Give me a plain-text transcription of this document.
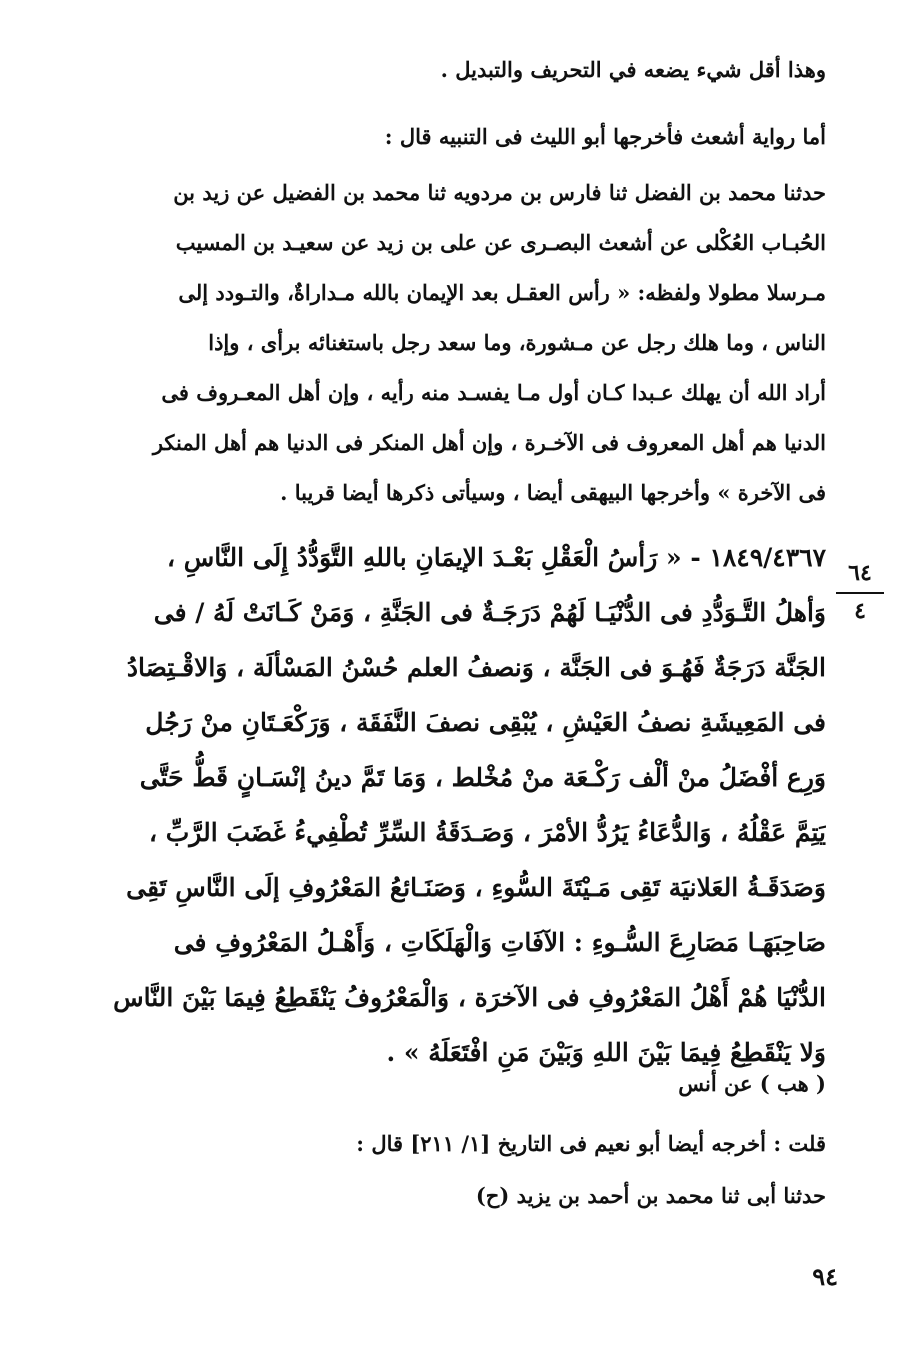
وهذا أقل شيء يضعه في التحريف والتبديل .
أما رواية أشعث فأخرجها أبو الليث فى التنبيه قال :
حدثنا محمد بن الفضل ثنا فارس بن مردويه ثنا محمد بن الفضيل عن زيد بن
الحُبـاب العُكْلى عن أشعث البصـرى عن على بن زيد عن سعيـد بن المسيب
مـرسلا مطولا ولفظه: « رأس العقـل بعد الإيمان بالله مـداراةٌ، والتـودد إلى
الناس ، وما هلك رجل عن مـشورة، وما سعد رجل باستغنائه برأى ، وإذا
أراد الله أن يهلك عـبدا كـان أول مـا يفسـد منه رأيه ، وإن أهل المعـروف فى
الدنيا هم أهل المعروف فى الآخـرة ، وإن أهل المنكر فى الدنيا هم أهل المنكر
فى الآخرة » وأخرجها البيهقى أيضا ، وسيأتى ذكرها أيضا قريبا .
١٨٤٩/٤٣٦٧ - « رَأسُ الْعَقْلِ بَعْـدَ الإيمَانِ باللهِ التَّوَدُّدُ إِلَى النَّاسِ ،
وَأهلُ التَّـوَدُّدِ فى الدُّنْيَـا لَهُمْ دَرَجَـةٌ فى الجَنَّةِ ، وَمَنْ كَـانَتْ لَهُ / فى
الجَنَّة دَرَجَةٌ فَهُـوَ فى الجَنَّة ، وَنصفُ العلم حُسْنُ المَسْألَة ، وَالاقْـتِصَادُ
فى المَعِيشَةِ نصفُ العَيْشِ ، يُبْقِى نصفَ النَّفَقَة ، وَرَكْعَـتَانِ منْ رَجُل
وَرِع أفْضَلُ منْ ألْف رَكْـعَة منْ مُخْلط ، وَمَا تَمَّ دينُ إنْسَـانٍ قَطُّ حَتَّى
يَتِمَّ عَقْلُهُ ، وَالدُّعَاءُ يَرُدُّ الأمْرَ ، وَصَـدَقَةُ السِّرِّ تُطْفِيءُ غَضَبَ الرَّبِّ ،
وَصَدَقَـةُ العَلانيَة تَقِى مَـيْتَةَ السُّوءِ ، وَصَنَـائعُ المَعْرُوفِ إلَى النَّاسِ تَقِى
صَاحِبَهَـا مَصَارِعَ السُّـوءِ : الآفَاتِ وَالْهَلَكَاتِ ، وَأَهْـلُ المَعْرُوفِ فى
الدُّنْيَا هُمْ أَهْلُ المَعْرُوفِ فى الآخرَة ، وَالْمَعْرُوفُ يَنْقَطِعُ فِيمَا بَيْنَ النَّاس
وَلا يَنْقَطِعُ فِيمَا بَيْنَ اللهِ وَبَيْنَ مَنِ افْتَعَلَهُ » .
( هب ) عن أنس
قلت : أخرجه أيضا أبو نعيم فى التاريخ [١/ ٢١١] قال :
حدثنا أبى ثنا محمد بن أحمد بن يزيد (ح)
٦٤
٤
٩٤
